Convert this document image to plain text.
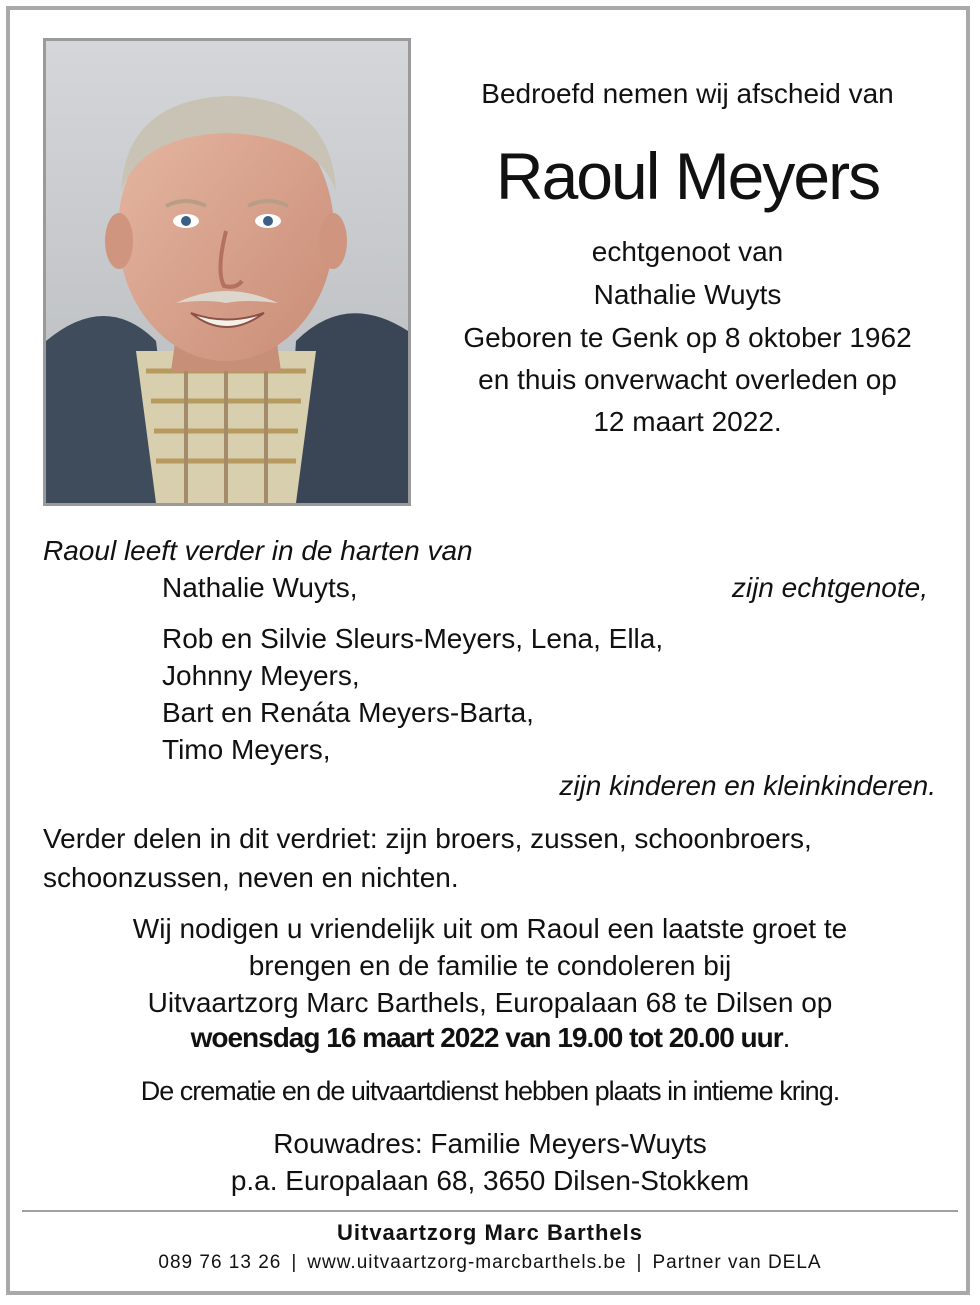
Bedroefd nemen wij afscheid van
Raoul Meyers
echtgenoot van
Nathalie Wuyts
Geboren te Genk op 8 oktober 1962
en thuis onverwacht overleden op
12 maart 2022.
Raoul leeft verder in de harten van
Nathalie Wuyts,	zijn echtgenote,
Rob en Silvie Sleurs-Meyers, Lena, Ella,
Johnny Meyers,
Bart en Renáta Meyers-Barta,
Timo Meyers,
zijn kinderen en kleinkinderen.
Verder delen in dit verdriet: zijn broers, zussen, schoonbroers,
schoonzussen, neven en nichten.
Wij nodigen u vriendelijk uit om Raoul een laatste groet te
brengen en de familie te condoleren bij
Uitvaartzorg Marc Barthels, Europalaan 68 te Dilsen op
woensdag 16 maart 2022 van 19.00 tot 20.00 uur.
De crematie en de uitvaartdienst hebben plaats in intieme kring.
Rouwadres: Familie Meyers-Wuyts
p.a. Europalaan 68, 3650 Dilsen-Stokkem
Uitvaartzorg Marc Barthels
089 76 13 26 | www.uitvaartzorg-marcbarthels.be | Partner van DELA
